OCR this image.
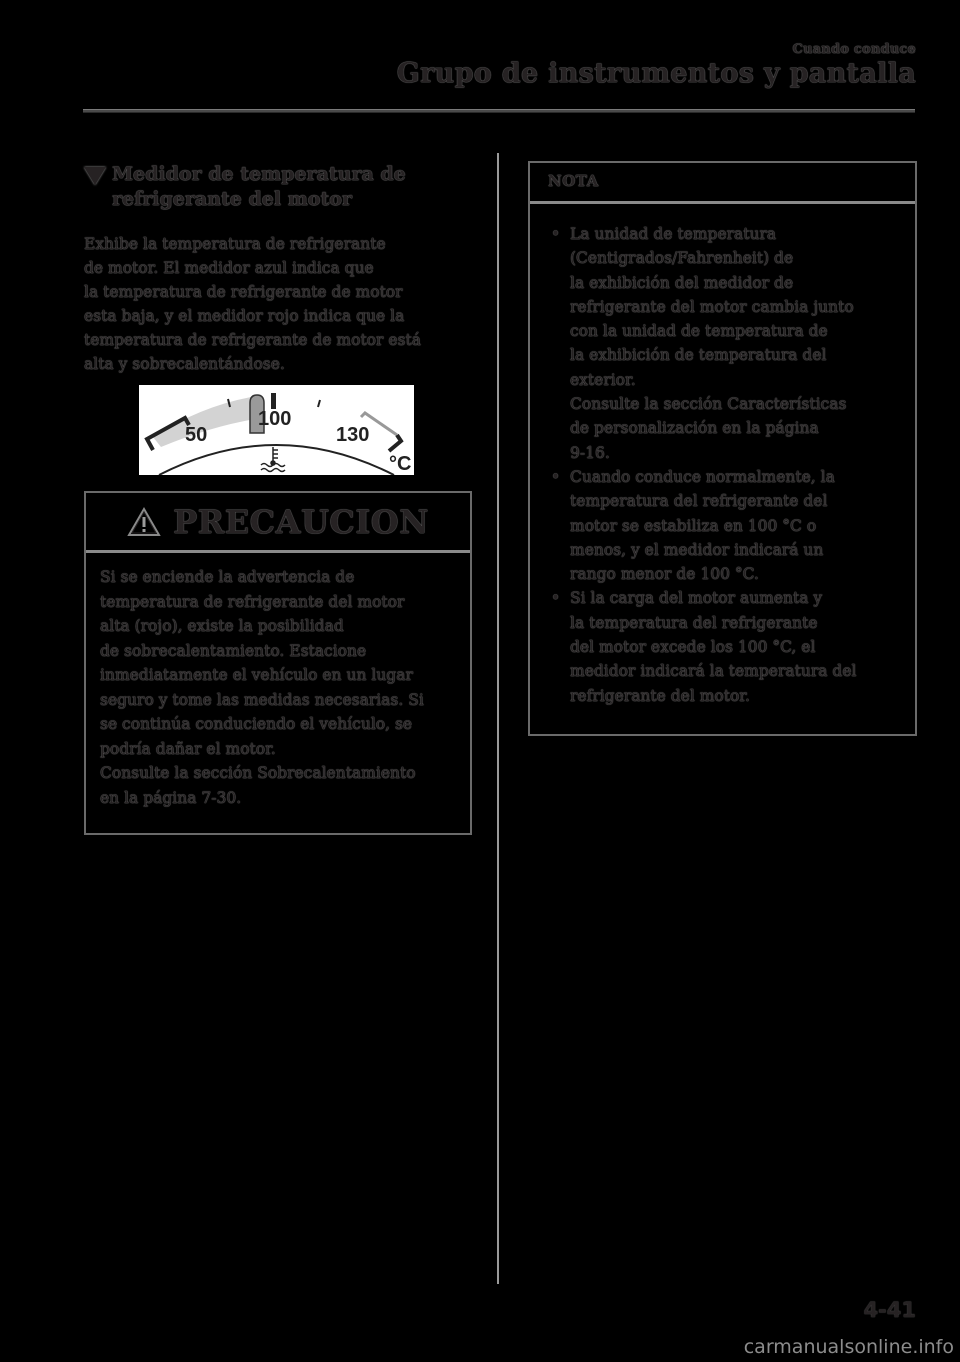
Cuando conduce
Grupo de instrumentos y pantalla
Medidor de temperatura de
refrigerante del motor
Exhibe la temperatura de refrigerante
de motor. El medidor azul indica que
la temperatura de refrigerante de motor
esta baja, y el medidor rojo indica que la
temperatura de refrigerante de motor está
alta y sobrecalentándose.
50
100
130
°C
PRECAUCION
Si se enciende la advertencia de
temperatura de refrigerante del motor
alta (rojo), existe la posibilidad
de sobrecalentamiento. Estacione
inmediatamente el vehículo en un lugar
seguro y tome las medidas necesarias. Si
se continúa conduciendo el vehículo, se
podría dañar el motor.
Consulte la sección Sobrecalentamiento
en la página 7-30.
NOTA
• La unidad de temperatura
(Centigrados/Fahrenheit) de
la exhibición del medidor de
refrigerante del motor cambia junto
con la unidad de temperatura de
la exhibición de temperatura del
exterior.
Consulte la sección Características
de personalización en la página
9-16.
• Cuando conduce normalmente, la
temperatura del refrigerante del
motor se estabiliza en 100 °C o
menos, y el medidor indicará un
rango menor de 100 °C.
• Si la carga del motor aumenta y
la temperatura del refrigerante
del motor excede los 100 °C, el
medidor indicará la temperatura del
refrigerante del motor.
4-41
carmanualsonline.info
